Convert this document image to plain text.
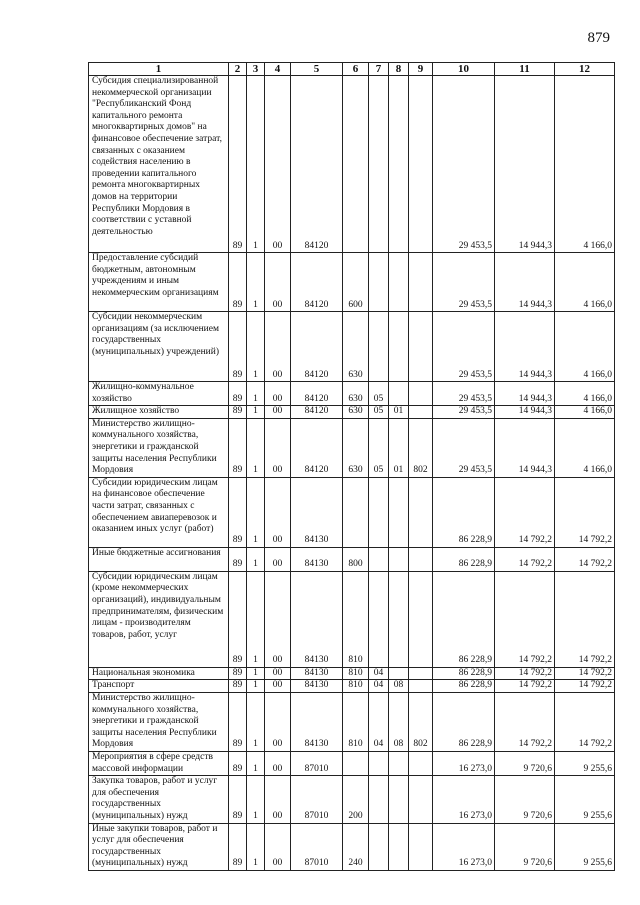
879
1	2	3	4	5	6	7	8	9	10	11	12
Субсидия специализированной некоммерческой организации "Республиканский Фонд капитального ремонта многоквартирных домов" на финансовое обеспечение затрат, связанных с оказанием содействия населению в проведении капитального ремонта многоквартирных домов на территории Республики Мордовия в соответствии с уставной деятельностью	89	1	00	84120					29 453,5	14 944,3	4 166,0
Предоставление субсидий бюджетным, автономным учреждениям и иным некоммерческим организациям	89	1	00	84120	600				29 453,5	14 944,3	4 166,0
Субсидии некоммерческим организациям (за исключением государственных (муниципальных) учреждений)	89	1	00	84120	630				29 453,5	14 944,3	4 166,0
Жилищно-коммунальное хозяйство	89	1	00	84120	630	05			29 453,5	14 944,3	4 166,0
Жилищное хозяйство	89	1	00	84120	630	05	01		29 453,5	14 944,3	4 166,0
Министерство жилищно-коммунального хозяйства, энергетики и гражданской защиты населения Республики Мордовия	89	1	00	84120	630	05	01	802	29 453,5	14 944,3	4 166,0
Субсидии юридическим лицам на финансовое обеспечение части затрат, связанных с обеспечением авиаперевозок и оказанием иных услуг (работ)	89	1	00	84130					86 228,9	14 792,2	14 792,2
Иные бюджетные ассигнования	89	1	00	84130	800				86 228,9	14 792,2	14 792,2
Субсидии юридическим лицам (кроме некоммерческих организаций), индивидуальным предпринимателям, физическим лицам - производителям товаров, работ, услуг	89	1	00	84130	810				86 228,9	14 792,2	14 792,2
Национальная экономика	89	1	00	84130	810	04			86 228,9	14 792,2	14 792,2
Транспорт	89	1	00	84130	810	04	08		86 228,9	14 792,2	14 792,2
Министерство жилищно-коммунального хозяйства, энергетики и гражданской защиты населения Республики Мордовия	89	1	00	84130	810	04	08	802	86 228,9	14 792,2	14 792,2
Мероприятия в сфере средств массовой информации	89	1	00	87010					16 273,0	9 720,6	9 255,6
Закупка товаров, работ и услуг для обеспечения государственных (муниципальных) нужд	89	1	00	87010	200				16 273,0	9 720,6	9 255,6
Иные закупки товаров, работ и услуг для обеспечения государственных (муниципальных) нужд	89	1	00	87010	240				16 273,0	9 720,6	9 255,6
